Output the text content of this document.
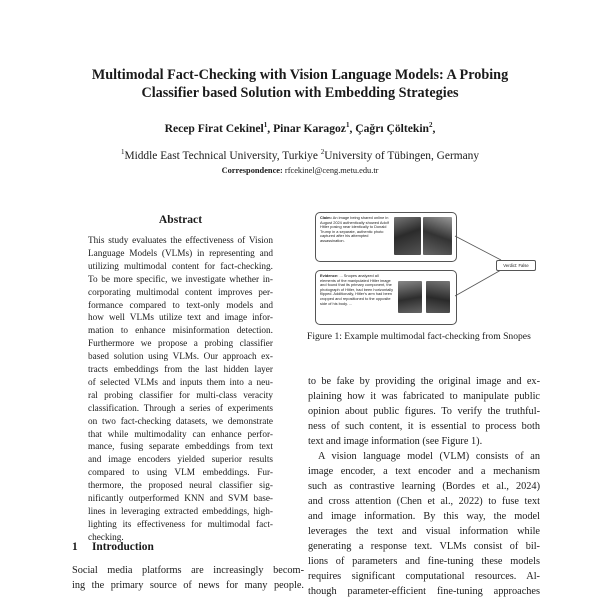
Multimodal Fact-Checking with Vision Language Models: A Probing
Classifier based Solution with Embedding Strategies
Recep Firat Cekinel$^1$, Pinar Karagoz$^1$, Çağrı Çöltekin$^2$,
$^1$Middle East Technical University, Turkiye $^2$University of Tübingen, Germany
Correspondence: rfcekinel@ceng.metu.edu.tr
Abstract
This study evaluates the effectiveness of Vision
Language Models (VLMs) in representing and
utilizing multimodal content for fact-checking.
To be more specific, we investigate whether in-
corporating multimodal content improves per-
formance compared to text-only models and
how well VLMs utilize text and image infor-
mation to enhance misinformation detection.
Furthermore we propose a probing classifier
based solution using VLMs. Our approach ex-
tracts embeddings from the last hidden layer
of selected VLMs and inputs them into a neu-
ral probing classifier for multi-class veracity
classification. Through a series of experiments
on two fact-checking datasets, we demonstrate
that while multimodality can enhance perfor-
mance, fusing separate embeddings from text
and image encoders yielded superior results
compared to using VLM embeddings. Fur-
thermore, the proposed neural classifier sig-
nificantly outperformed KNN and SVM base-
lines in leveraging extracted embeddings, high-
1 Introduction
Social media platforms are increasingly becom-
ing the primary source of news for many people.
Claim: An image being shared online in August 2024 authentically showed Adolf Hitler posing near identically to Donald Trump in a separate, authentic photo captured after his attempted assassination.
Evidence: ... Snopes analyzed all elements of the manipulated Hitler image and found that its primary component, the photograph of Hitler, had been horizontally flipped. Additionally, Hitler's arm had been cropped and repositioned to the opposite side of his body. ...
Verdict: False
Figure 1: Example multimodal fact-checking from Snopes
to be fake by providing the original image and ex-
plaining how it was fabricated to manipulate public
opinion about public figures. To verify the truthful-
ness of such content, it is essential to process both
text and image information (see Figure 1).
A vision language model (VLM) consists of an
image encoder, a text encoder and a mechanism
such as contrastive learning (Bordes et al., 2024)
and cross attention (Chen et al., 2022) to fuse text
and image information. By this way, the model
leverages the text and visual information while
generating a response text. VLMs consist of bil-
lions of parameters and fine-tuning these models
requires significant computational resources. Al-
though parameter-efficient fine-tuning approaches
lighting its effectiveness for multimodal fact-
checking.
